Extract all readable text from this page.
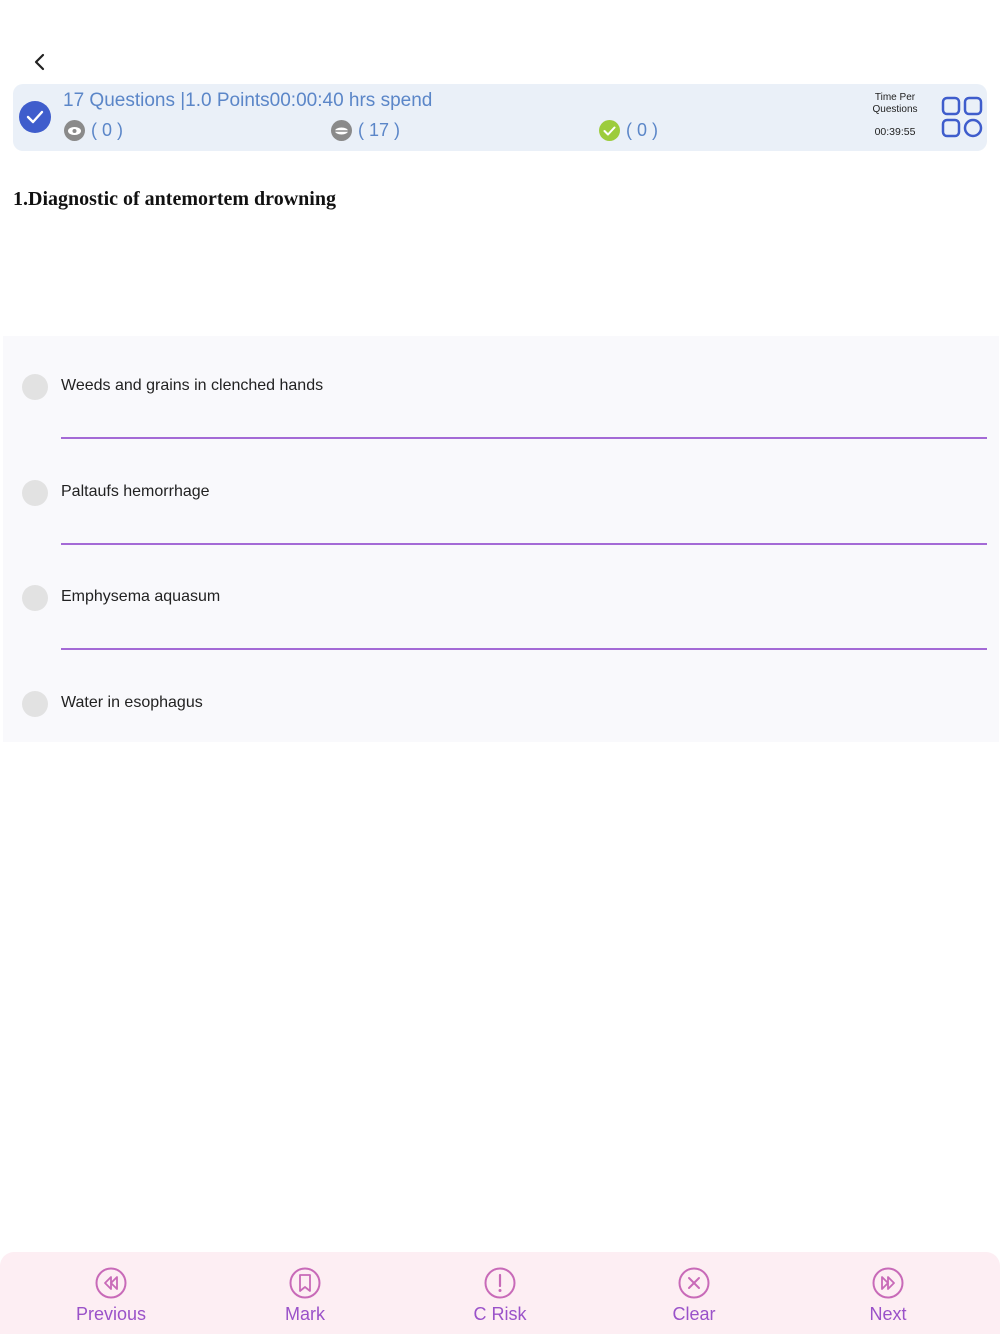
17 Questions |1.0 Points00:00:40 hrs spend
( 0 )	( 17 )	( 0 )
Time Per
Questions
00:39:55
1.Diagnostic of antemortem drowning
Weeds and grains in clenched hands
Paltaufs hemorrhage
Emphysema aquasum
Water in esophagus
Previous	Mark	C Risk	Clear	Next
